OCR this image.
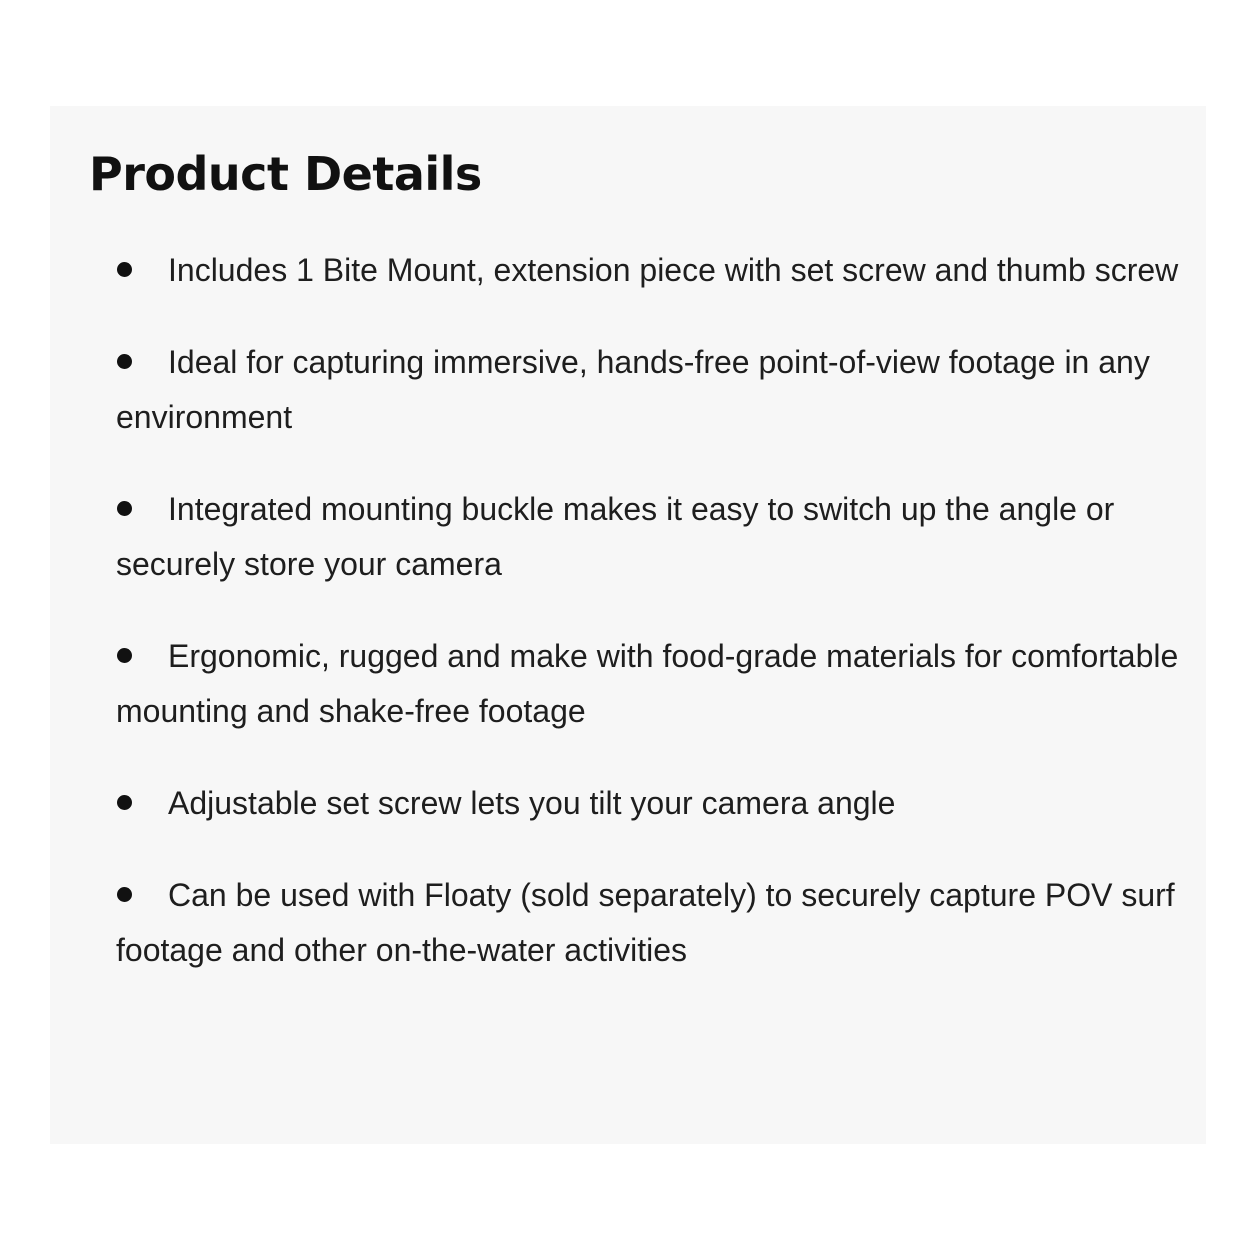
Product Details
Includes 1 Bite Mount, extension piece with set screw and thumb screw
Ideal for capturing immersive, hands-free point-of-view footage in any environment
Integrated mounting buckle makes it easy to switch up the angle or securely store your camera
Ergonomic, rugged and make with food-grade materials for comfortable mounting and shake-free footage
Adjustable set screw lets you tilt your camera angle
Can be used with Floaty (sold separately) to securely capture POV surf footage and other on-the-water activities
